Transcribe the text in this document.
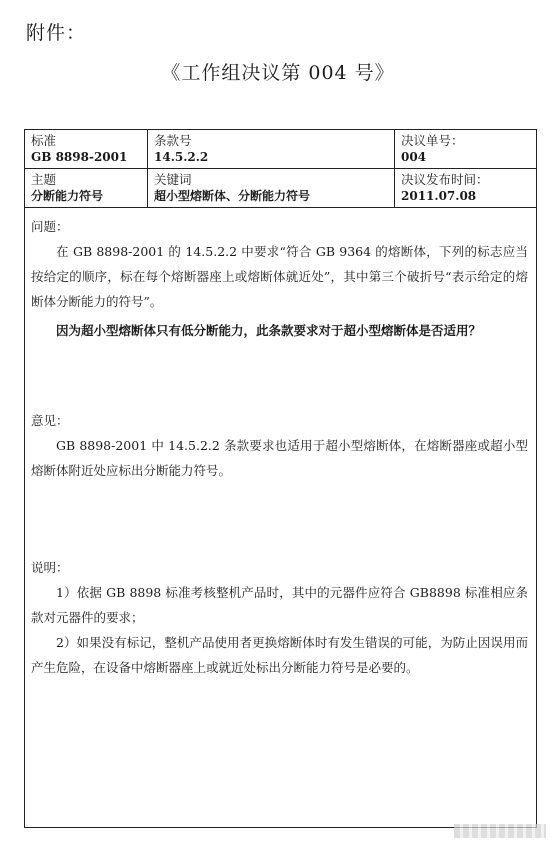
附件：
《工作组决议第 004 号》
标准
GB 8898-2001
条款号
14.5.2.2
决议单号：
004
主题
分断能力符号
关键词
超小型熔断体、分断能力符号
决议发布时间：
2011.07.08
问题：

在 GB 8898-2001 的 14.5.2.2 中要求“符合 GB 9364 的熔断体，下列的标志应当按给定的顺序，标在每个熔断器座上或熔断体就近处”，其中第三个破折号“表示给定的熔断体分断能力的符号”。

因为超小型熔断体只有低分断能力，此条款要求对于超小型熔断体是否适用？

意见：

GB 8898-2001 中 14.5.2.2 条款要求也适用于超小型熔断体，在熔断器座或超小型熔断体附近处应标出分断能力符号。

说明：

1）依据 GB 8898 标准考核整机产品时，其中的元器件应符合 GB8898 标准相应条款对元器件的要求；

2）如果没有标记，整机产品使用者更换熔断体时有发生错误的可能，为防止因误用而产生危险，在设备中熔断器座上或就近处标出分断能力符号是必要的。
